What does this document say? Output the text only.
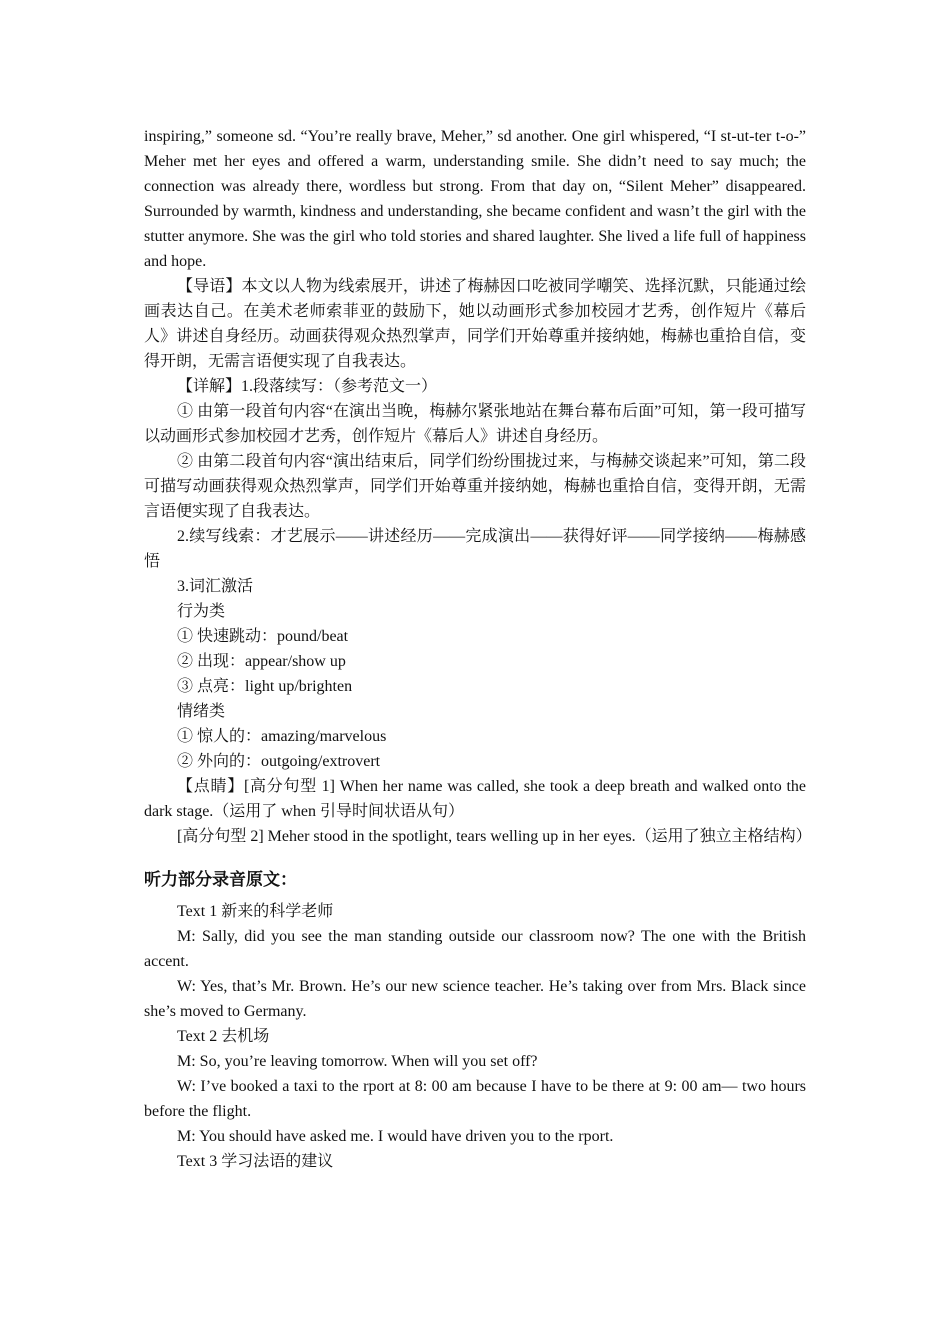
inspiring,” someone sd. “You’re really brave, Meher,” sd another. One girl whispered, “I st-ut-ter t-o-” Meher met her eyes and offered a warm, understanding smile. She didn’t need to say much; the connection was already there, wordless but strong. From that day on, “Silent Meher” disappeared. Surrounded by warmth, kindness and understanding, she became confident and wasn’t the girl with the stutter anymore. She was the girl who told stories and shared laughter. She lived a life full of happiness and hope.

【导语】本文以人物为线索展开，讲述了梅赫因口吃被同学嘲笑、选择沉默，只能通过绘画表达自己。在美术老师索菲亚的鼓励下，她以动画形式参加校园才艺秀，创作短片《幕后人》讲述自身经历。动画获得观众热烈掌声，同学们开始尊重并接纳她，梅赫也重拾自信，变得开朗，无需言语便实现了自我表达。

【详解】1.段落续写：（参考范文一）

① 由第一段首句内容“在演出当晚，梅赫尔紧张地站在舞台幕布后面”可知，第一段可描写以动画形式参加校园才艺秀，创作短片《幕后人》讲述自身经历。

② 由第二段首句内容“演出结束后，同学们纷纷围拢过来，与梅赫交谈起来”可知，第二段可描写动画获得观众热烈掌声，同学们开始尊重并接纳她，梅赫也重拾自信，变得开朗，无需言语便实现了自我表达。

2.续写线索：才艺展示——讲述经历——完成演出——获得好评——同学接纳——梅赫感悟

3.词汇激活

行为类

① 快速跳动：pound/beat

② 出现：appear/show up

③ 点亮：light up/brighten

情绪类

① 惊人的：amazing/marvelous

② 外向的：outgoing/extrovert

【点睛】[高分句型 1] When her name was called, she took a deep breath and walked onto the dark stage.（运用了 when 引导时间状语从句）

[高分句型 2] Meher stood in the spotlight, tears welling up in her eyes.（运用了独立主格结构）

听力部分录音原文：

Text 1 新来的科学老师

M: Sally, did you see the man standing outside our classroom now? The one with the British accent.

W: Yes, that’s Mr. Brown. He’s our new science teacher. He’s taking over from Mrs. Black since she’s moved to Germany.

Text 2 去机场

M: So, you’re leaving tomorrow. When will you set off?

W: I’ve booked a taxi to the rport at 8: 00 am because I have to be there at 9: 00 am— two hours before the flight.

M: You should have asked me. I would have driven you to the rport.

Text 3 学习法语的建议
